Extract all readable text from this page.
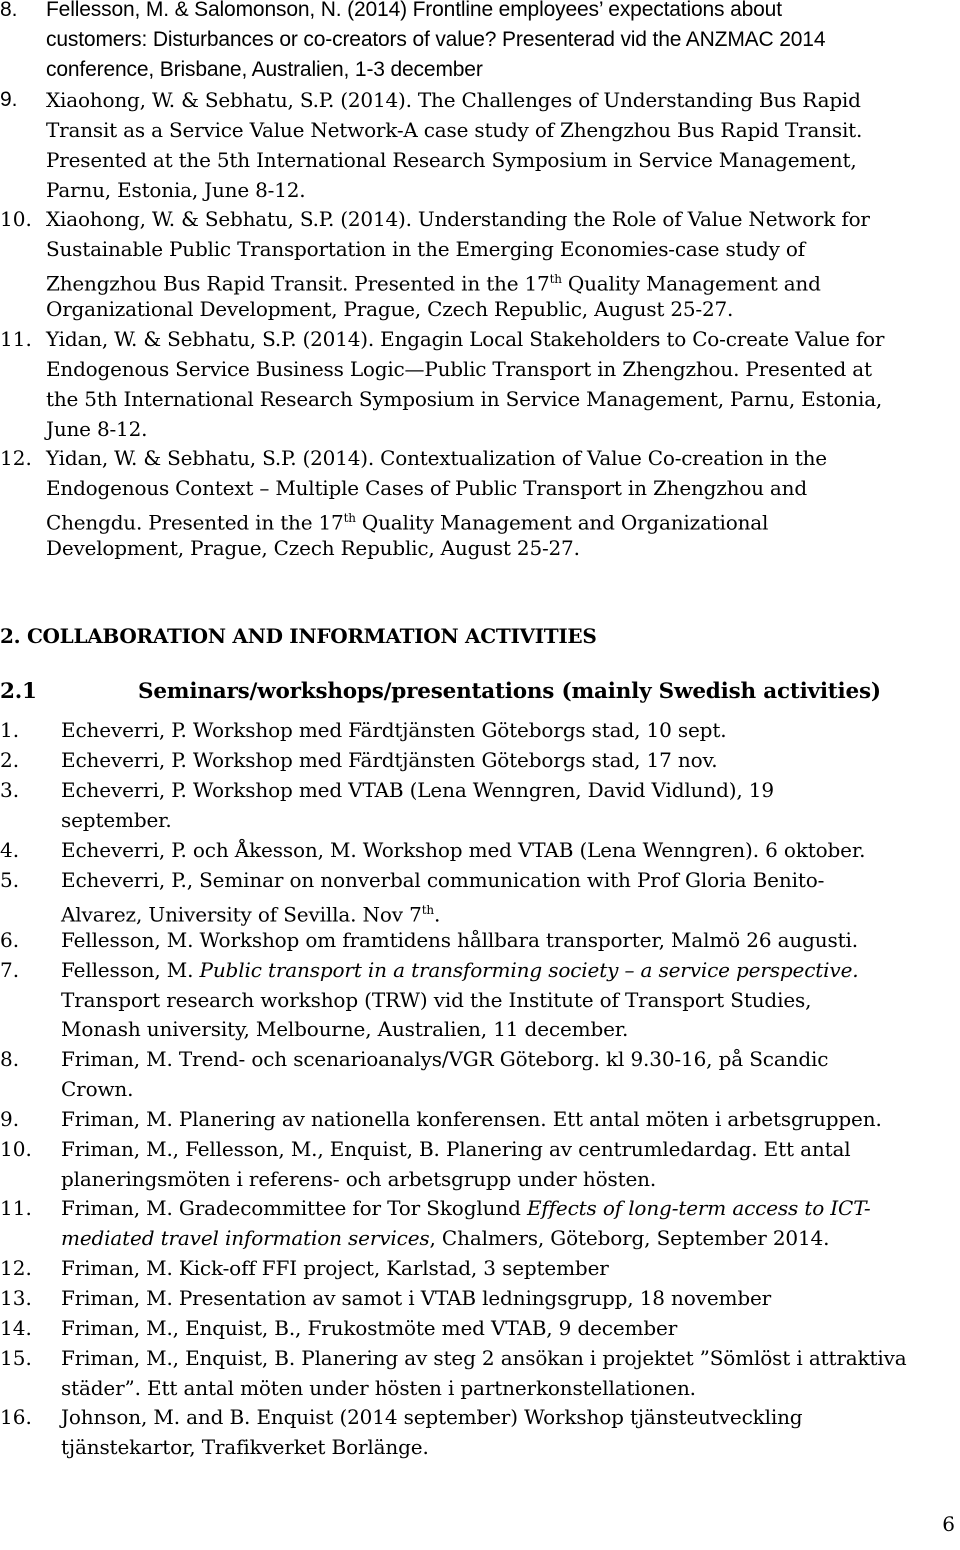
8. Fellesson, M. & Salomonson, N. (2014) Frontline employees’ expectations about
customers: Disturbances or co-creators of value? Presenterad vid the ANZMAC 2014
conference, Brisbane, Australien, 1-3 december
9. Xiaohong, W. & Sebhatu, S.P. (2014). The Challenges of Understanding Bus Rapid
Transit as a Service Value Network-A case study of Zhengzhou Bus Rapid Transit.
Presented at the 5th International Research Symposium in Service Management,
Parnu, Estonia, June 8-12.
10. Xiaohong, W. & Sebhatu, S.P. (2014). Understanding the Role of Value Network for
Sustainable Public Transportation in the Emerging Economies-case study of
Zhengzhou Bus Rapid Transit. Presented in the 17th Quality Management and
Organizational Development, Prague, Czech Republic, August 25-27.
11. Yidan, W. & Sebhatu, S.P. (2014). Engagin Local Stakeholders to Co-create Value for
Endogenous Service Business Logic—Public Transport in Zhengzhou. Presented at
the 5th International Research Symposium in Service Management, Parnu, Estonia,
June 8-12.
12. Yidan, W. & Sebhatu, S.P. (2014). Contextualization of Value Co-creation in the
Endogenous Context – Multiple Cases of Public Transport in Zhengzhou and
Chengdu. Presented in the 17th Quality Management and Organizational
Development, Prague, Czech Republic, August 25-27.
2. COLLABORATION AND INFORMATION ACTIVITIES
2.1	Seminars/workshops/presentations (mainly Swedish activities)
1. Echeverri, P. Workshop med Färdtjänsten Göteborgs stad, 10 sept.
2. Echeverri, P. Workshop med Färdtjänsten Göteborgs stad, 17 nov.
3. Echeverri, P. Workshop med VTAB (Lena Wenngren, David Vidlund), 19
september.
4. Echeverri, P. och Åkesson, M. Workshop med VTAB (Lena Wenngren). 6 oktober.
5. Echeverri, P., Seminar on nonverbal communication with Prof Gloria Benito-
Alvarez, University of Sevilla. Nov 7th.
6. Fellesson, M. Workshop om framtidens hållbara transporter, Malmö 26 augusti.
7. Fellesson, M. Public transport in a transforming society – a service perspective.
Transport research workshop (TRW) vid the Institute of Transport Studies,
Monash university, Melbourne, Australien, 11 december.
8. Friman, M. Trend- och scenarioanalys/VGR Göteborg. kl 9.30-16, på Scandic
Crown.
9. Friman, M. Planering av nationella konferensen. Ett antal möten i arbetsgruppen.
10. Friman, M., Fellesson, M., Enquist, B. Planering av centrumledardag. Ett antal
planeringsmöten i referens- och arbetsgrupp under hösten.
11. Friman, M. Gradecommittee for Tor Skoglund Effects of long-term access to ICT-
mediated travel information services, Chalmers, Göteborg, September 2014.
12. Friman, M. Kick-off FFI project, Karlstad, 3 september
13. Friman, M. Presentation av samot i VTAB ledningsgrupp, 18 november
14. Friman, M., Enquist, B., Frukostmöte med VTAB, 9 december
15. Friman, M., Enquist, B. Planering av steg 2 ansökan i projektet ”Sömlöst i attraktiva
städer”. Ett antal möten under hösten i partnerkonstellationen.
16. Johnson, M. and B. Enquist (2014 september) Workshop tjänsteutveckling
tjänstekartor, Trafikverket Borlänge.
6
